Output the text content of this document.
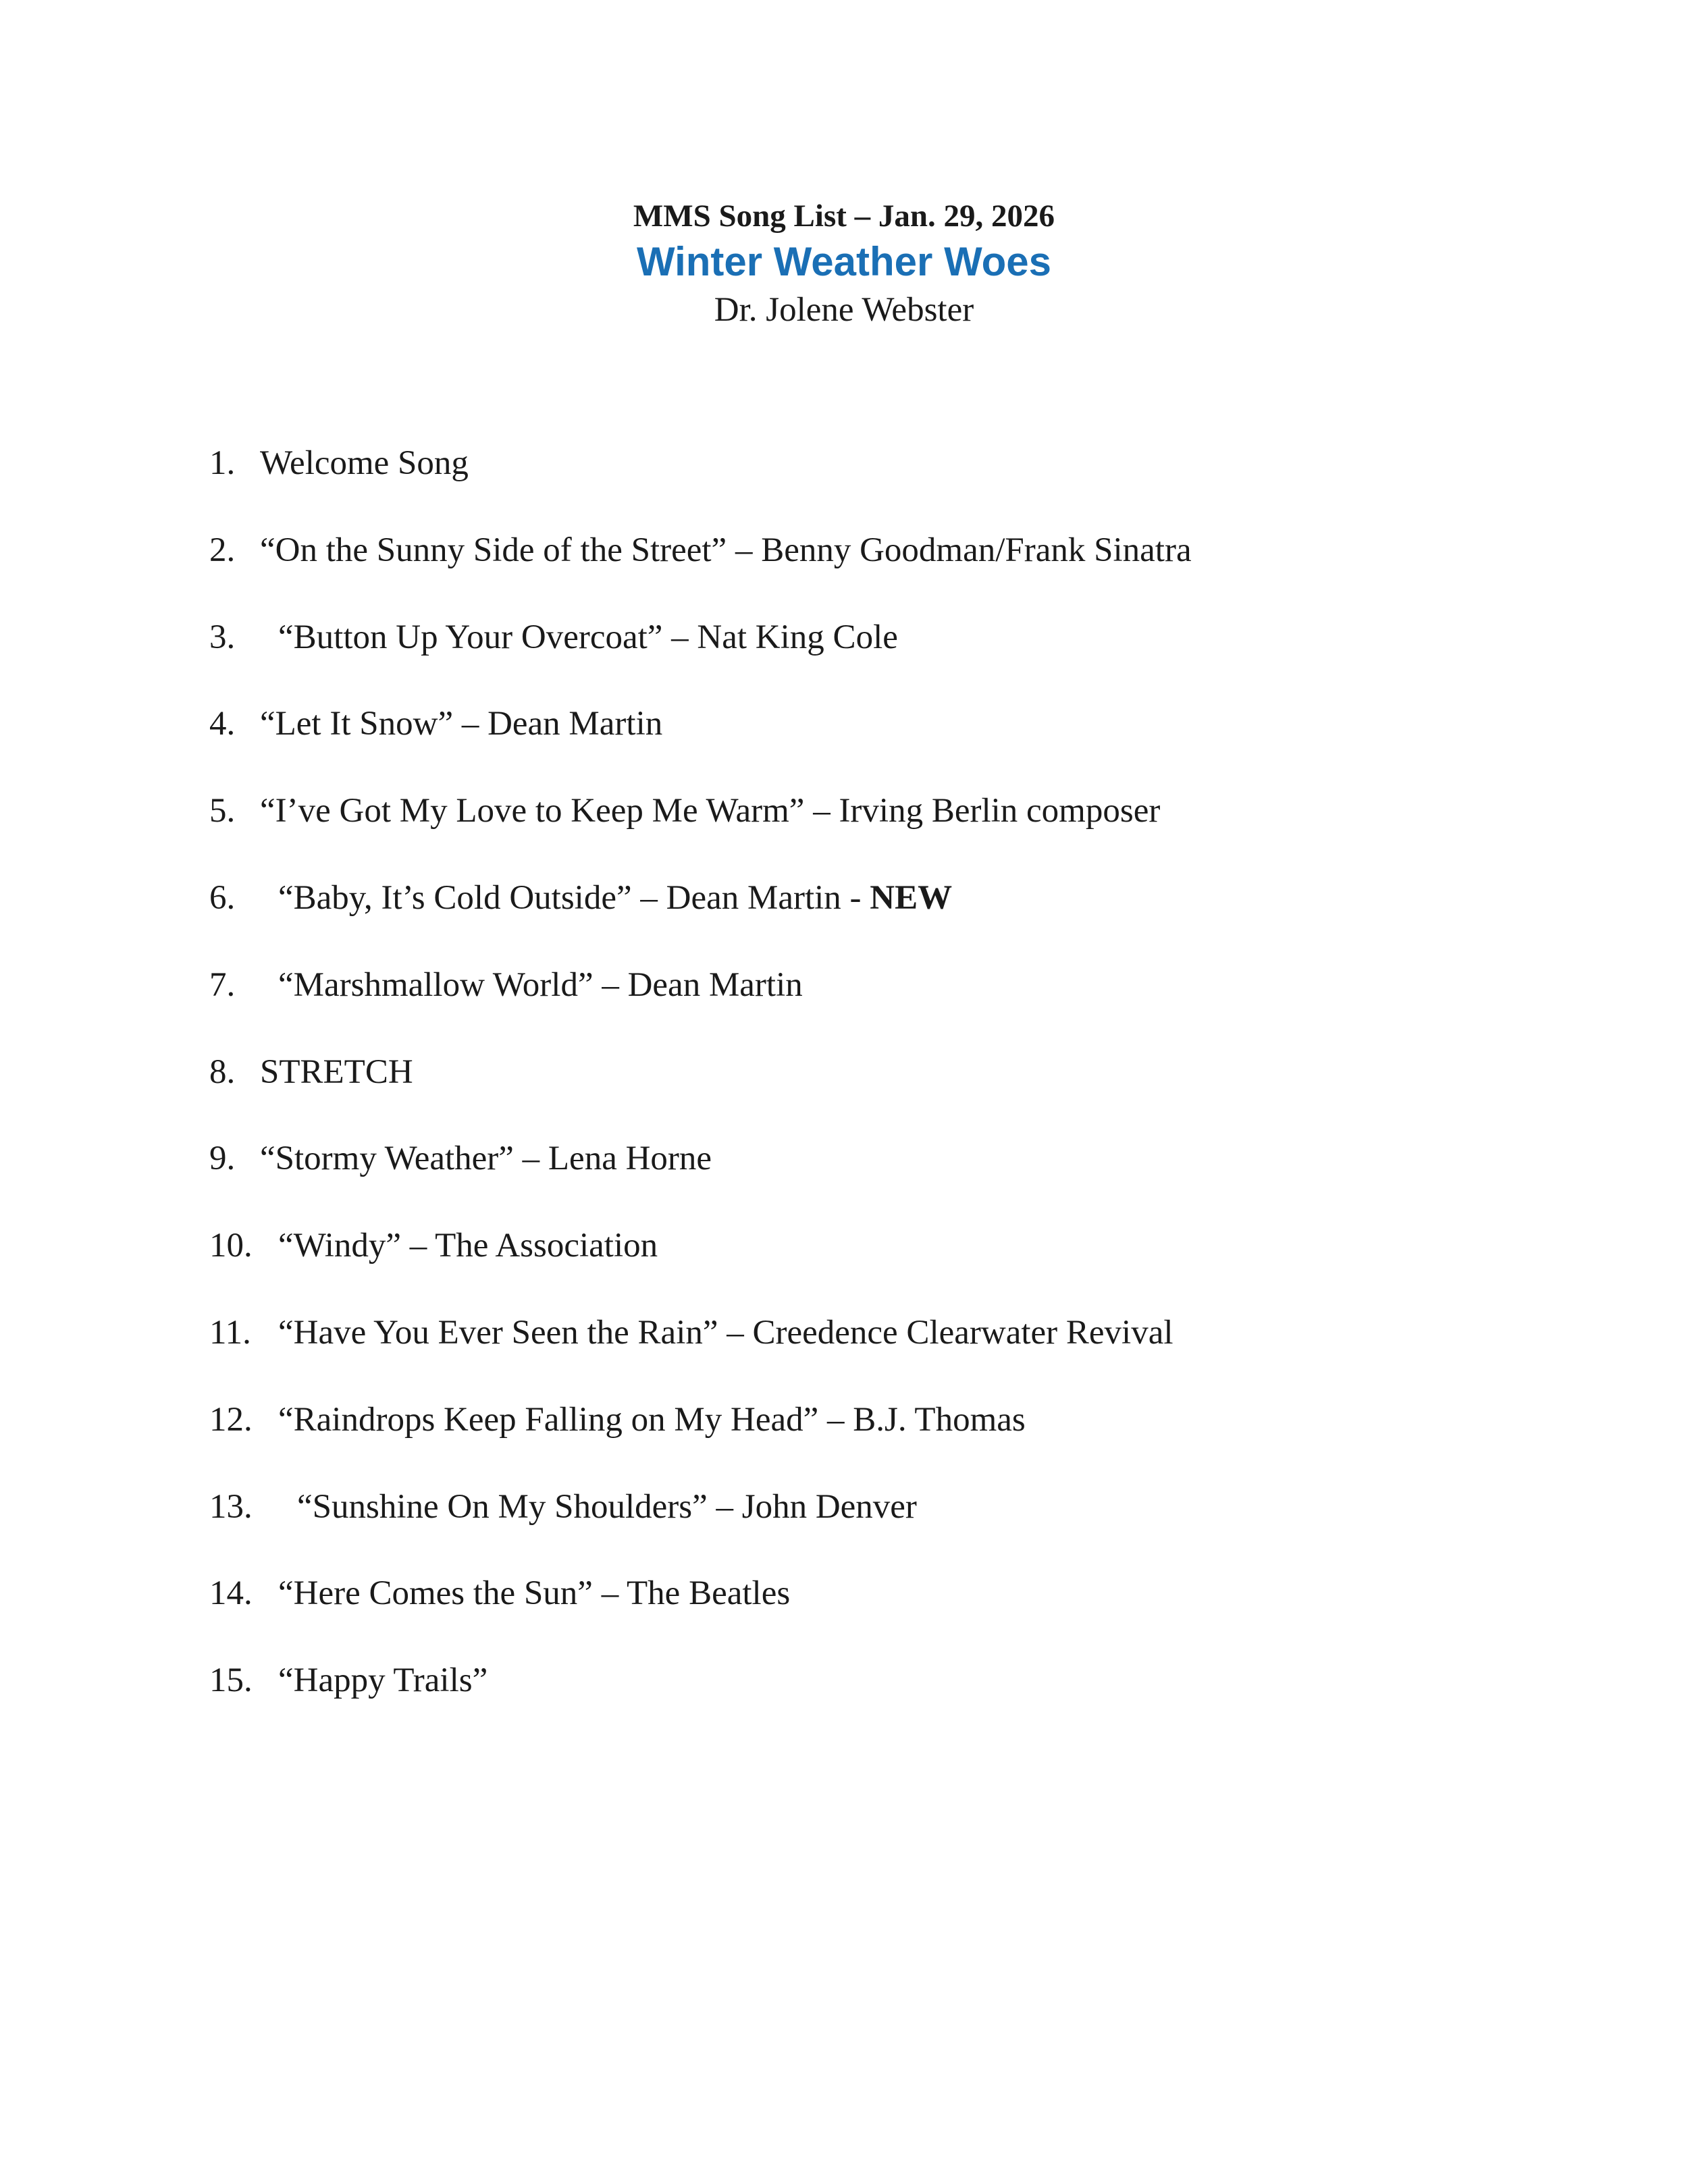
MMS Song List – Jan. 29, 2026

Winter Weather Woes

Dr. Jolene Webster

1. Welcome Song
2. “On the Sunny Side of the Street” – Benny Goodman/Frank Sinatra
3. “Button Up Your Overcoat” – Nat King Cole
4. “Let It Snow” – Dean Martin
5. “I’ve Got My Love to Keep Me Warm” – Irving Berlin composer
6. “Baby, It’s Cold Outside” – Dean Martin - NEW
7. “Marshmallow World” – Dean Martin
8. STRETCH
9. “Stormy Weather” – Lena Horne
10. “Windy” – The Association
11. “Have You Ever Seen the Rain” – Creedence Clearwater Revival
12. “Raindrops Keep Falling on My Head” – B.J. Thomas
13. “Sunshine On My Shoulders” – John Denver
14. “Here Comes the Sun” – The Beatles
15. “Happy Trails”
